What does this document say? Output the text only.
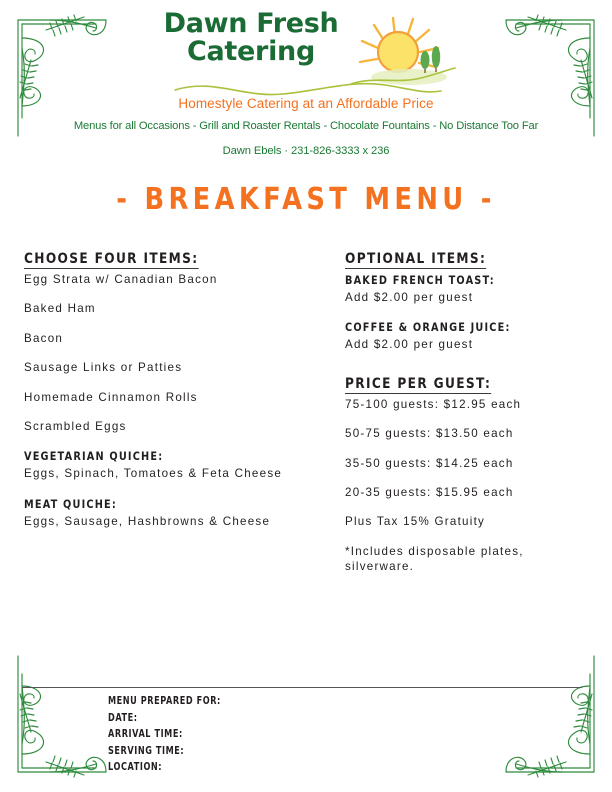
Dawn Fresh
Catering
Homestyle Catering at an Affordable Price
Menus for all Occasions - Grill and Roaster Rentals - Chocolate Fountains - No Distance Too Far
Dawn Ebels · 231-826-3333 x 236
- BREAKFAST MENU -
CHOOSE FOUR ITEMS:
Egg Strata w/ Canadian Bacon
Baked Ham
Bacon
Sausage Links or Patties
Homemade Cinnamon Rolls
Scrambled Eggs
VEGETARIAN QUICHE:
Eggs, Spinach, Tomatoes & Feta Cheese
MEAT QUICHE:
Eggs, Sausage, Hashbrowns & Cheese
OPTIONAL ITEMS:
BAKED FRENCH TOAST:
Add $2.00 per guest
COFFEE & ORANGE JUICE:
Add $2.00 per guest
PRICE PER GUEST:
75-100 guests: $12.95 each
50-75 guests: $13.50 each
35-50 guests: $14.25 each
20-35 guests: $15.95 each
Plus Tax 15% Gratuity
*Includes disposable plates, silverware.
MENU PREPARED FOR:
DATE:
ARRIVAL TIME:
SERVING TIME:
LOCATION:
